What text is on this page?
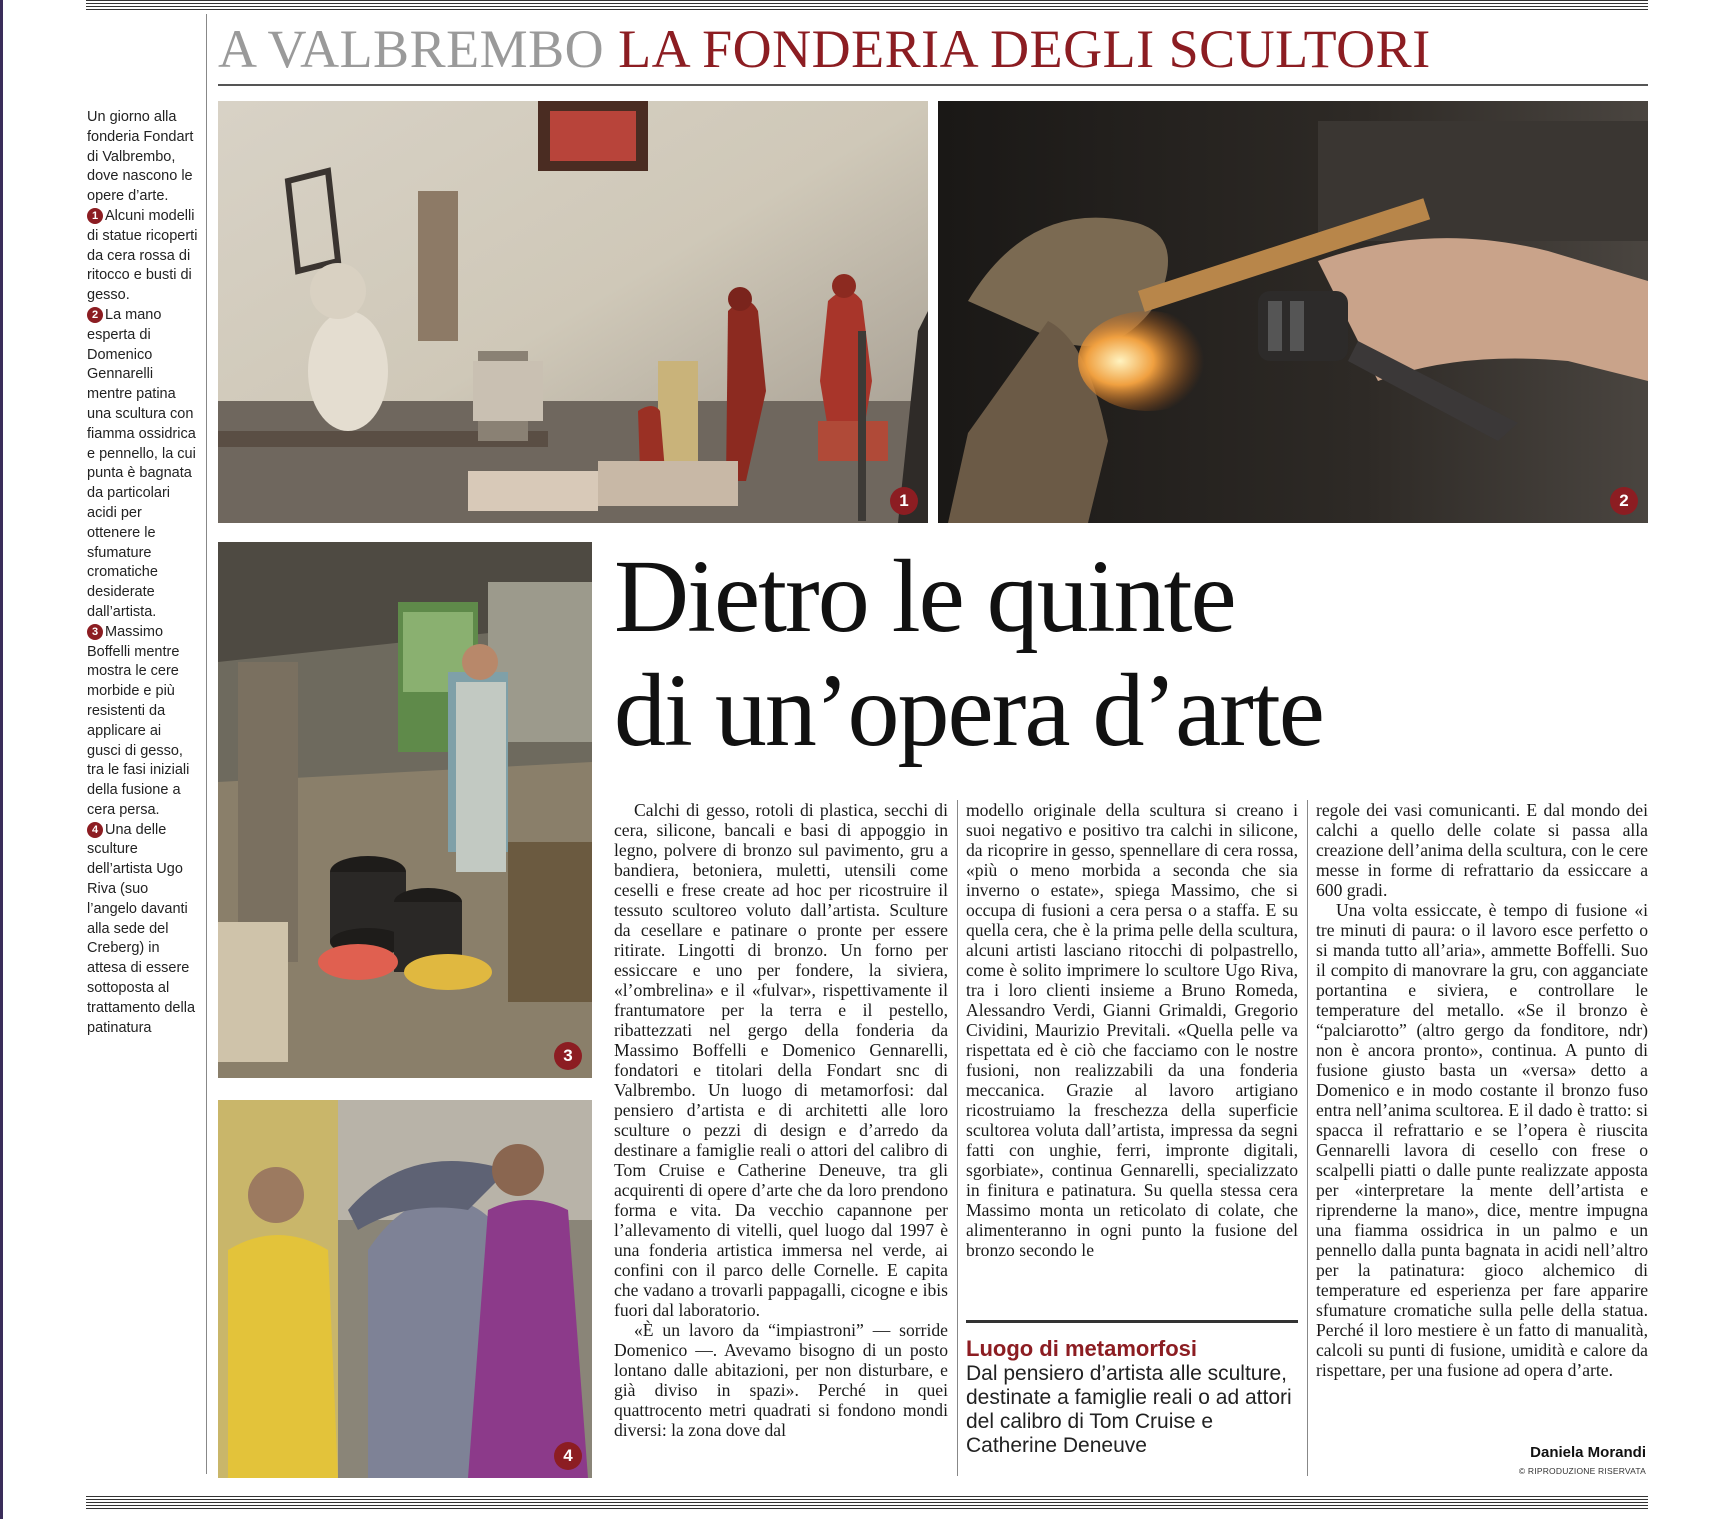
A VALBREMBO LA FONDERIA DEGLI SCULTORI

Un giorno alla fonderia Fondart di Valbrembo, dove nascono le opere d’arte.

1 Alcuni modelli di statue ricoperti da cera rossa di ritocco e busti di gesso.

2 La mano esperta di Domenico Gennarelli mentre patina una scultura con fiamma ossidrica e pennello, la cui punta è bagnata da particolari acidi per ottenere le sfumature cromatiche desiderate dall’artista.

3 Massimo Boffelli mentre mostra le cere morbide e più resistenti da applicare ai gusci di gesso, tra le fasi iniziali della fusione a cera persa.

4 Una delle sculture dell’artista Ugo Riva (suo l’angelo davanti alla sede del Creberg) in attesa di essere sottoposta al trattamento della patinatura

1	2
3
4
Dietro le quinte
di un’opera d’arte

Calchi di gesso, rotoli di plastica, secchi di cera, silicone, bancali e basi di appoggio in legno, polvere di bronzo sul pavimento, gru a bandiera, betoniera, muletti, utensili come ceselli e frese create ad hoc per ricostruire il tessuto scultoreo voluto dall’artista. Sculture da cesellare e patinare o pronte per essere ritirate. Lingotti di bronzo. Un forno per essiccare e uno per fondere, la siviera, «l’ombrelina» e il «fulvar», rispettivamente il frantumatore per la terra e il pestello, ribattezzati nel gergo della fonderia da Massimo Boffelli e Domenico Gennarelli, fondatori e titolari della Fondart snc di Valbrembo. Un luogo di metamorfosi: dal pensiero d’artista e di architetti alle loro sculture o pezzi di design e d’arredo da destinare a famiglie reali o attori del calibro di Tom Cruise e Catherine Deneuve, tra gli acquirenti di opere d’arte che da loro prendono forma e vita. Da vecchio capannone per l’allevamento di vitelli, quel luogo dal 1997 è una fonderia artistica immersa nel verde, ai confini con il parco delle Cornelle. E capita che vadano a trovarli pappagalli, cicogne e ibis fuori dal laboratorio.

«È un lavoro da “impiastroni” — sorride Domenico —. Avevamo bisogno di un posto lontano dalle abitazioni, per non disturbare, e già diviso in spazi». Perché in quei quattrocento metri quadrati si fondono mondi diversi: la zona dove dal

modello originale della scultura si creano i suoi negativo e positivo tra calchi in silicone, da ricoprire in gesso, spennellare di cera rossa, «più o meno morbida a seconda che sia inverno o estate», spiega Massimo, che si occupa di fusioni a cera persa o a staffa. E su quella cera, che è la prima pelle della scultura, alcuni artisti lasciano ritocchi di polpastrello, come è solito imprimere lo scultore Ugo Riva, tra i loro clienti insieme a Bruno Romeda, Alessandro Verdi, Gianni Grimaldi, Gregorio Cividini, Maurizio Previtali. «Quella pelle va rispettata ed è ciò che facciamo con le nostre fusioni, non realizzabili da una fonderia meccanica. Grazie al lavoro artigiano ricostruiamo la freschezza della superficie scultorea voluta dall’artista, impressa da segni fatti con unghie, ferri, impronte digitali, sgorbiate», continua Gennarelli, specializzato in finitura e patinatura. Su quella stessa cera Massimo monta un reticolato di colate, che alimenteranno in ogni punto la fusione del bronzo secondo le

regole dei vasi comunicanti. E dal mondo dei calchi a quello delle colate si passa alla creazione dell’anima della scultura, con le cere messe in forme di refrattario da essiccare a 600 gradi.

Una volta essiccate, è tempo di fusione «i tre minuti di paura: o il lavoro esce perfetto o si manda tutto all’aria», ammette Boffelli. Suo il compito di manovrare la gru, con agganciate portantina e siviera, e controllare le temperature del metallo. «Se il bronzo è “palciarotto” (altro gergo da fonditore, ndr) non è ancora pronto», continua. A punto di fusione giusto basta un «versa» detto a Domenico e in modo costante il bronzo fuso entra nell’anima scultorea. E il dado è tratto: si spacca il refrattario e se l’opera è riuscita Gennarelli lavora di cesello con frese o scalpelli piatti o dalle punte realizzate apposta per «interpretare la mente dell’artista e riprenderne la mano», dice, mentre impugna una fiamma ossidrica in un palmo e un pennello dalla punta bagnata in acidi nell’altro per la patinatura: gioco alchemico di temperature ed esperienza per fare apparire sfumature cromatiche sulla pelle della statua. Perché il loro mestiere è un fatto di manualità, calcoli su punti di fusione, umidità e calore da rispettare, per una fusione ad opera d’arte.

Luogo di metamorfosi
Dal pensiero d’artista alle sculture, destinate a famiglie reali o ad attori del calibro di Tom Cruise e Catherine Deneuve	Daniela Morandi
© RIPRODUZIONE RISERVATA
